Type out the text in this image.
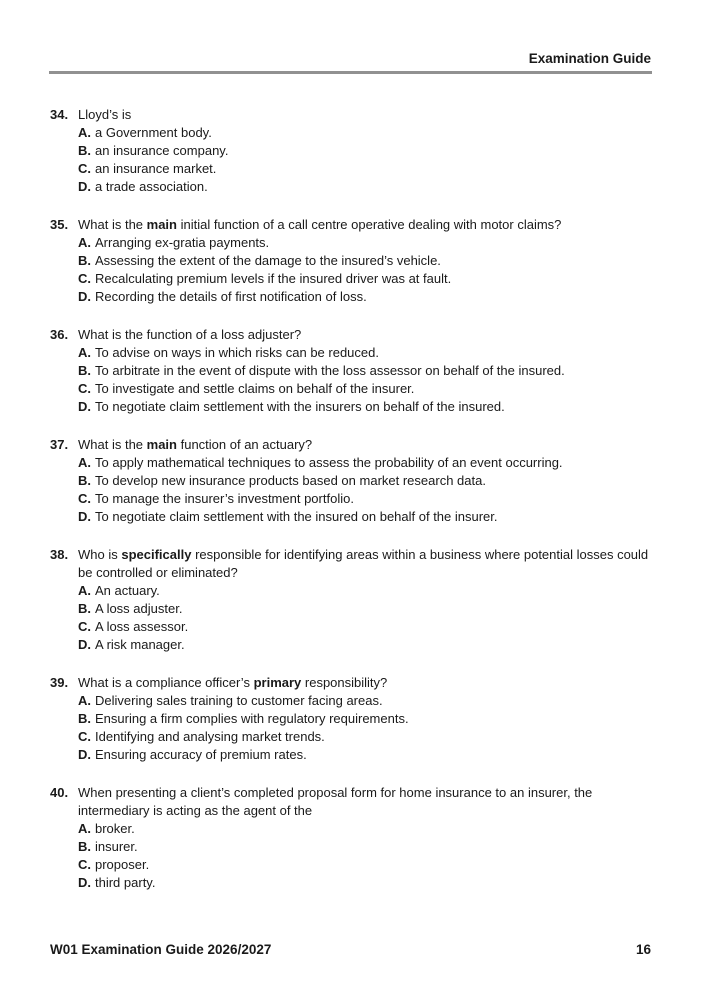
Examination Guide
34. Lloyd’s is
A. a Government body.
B. an insurance company.
C. an insurance market.
D. a trade association.
35. What is the main initial function of a call centre operative dealing with motor claims?
A. Arranging ex-gratia payments.
B. Assessing the extent of the damage to the insured’s vehicle.
C. Recalculating premium levels if the insured driver was at fault.
D. Recording the details of first notification of loss.
36. What is the function of a loss adjuster?
A. To advise on ways in which risks can be reduced.
B. To arbitrate in the event of dispute with the loss assessor on behalf of the insured.
C. To investigate and settle claims on behalf of the insurer.
D. To negotiate claim settlement with the insurers on behalf of the insured.
37. What is the main function of an actuary?
A. To apply mathematical techniques to assess the probability of an event occurring.
B. To develop new insurance products based on market research data.
C. To manage the insurer’s investment portfolio.
D. To negotiate claim settlement with the insured on behalf of the insurer.
38. Who is specifically responsible for identifying areas within a business where potential losses could
be controlled or eliminated?
A. An actuary.
B. A loss adjuster.
C. A loss assessor.
D. A risk manager.
39. What is a compliance officer’s primary responsibility?
A. Delivering sales training to customer facing areas.
B. Ensuring a firm complies with regulatory requirements.
C. Identifying and analysing market trends.
D. Ensuring accuracy of premium rates.
40. When presenting a client’s completed proposal form for home insurance to an insurer, the
intermediary is acting as the agent of the
A. broker.
B. insurer.
C. proposer.
D. third party.
W01 Examination Guide 2026/2027	16
